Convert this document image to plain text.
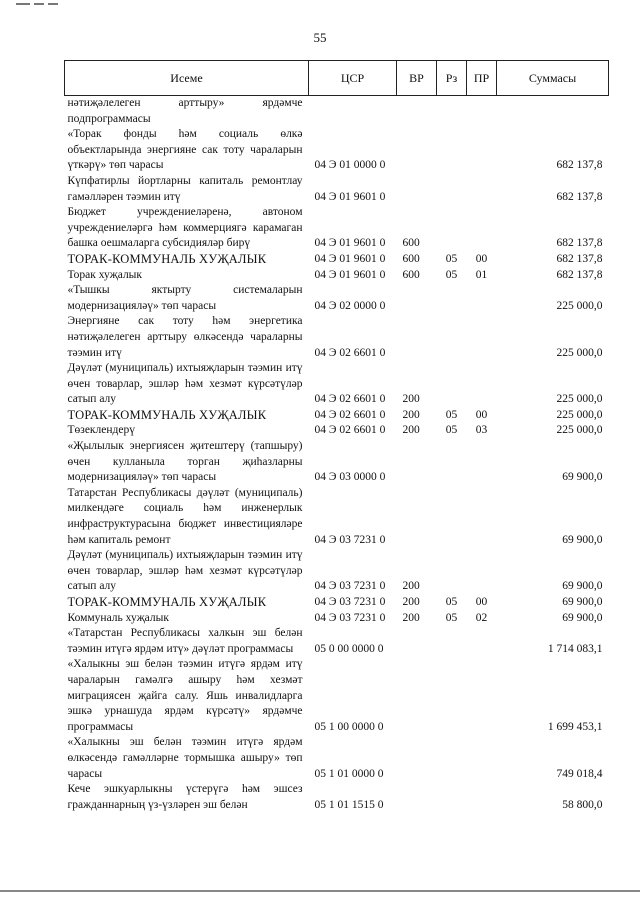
55
Исеме	ЦСР	ВР	Рз	ПР	Суммасы
нәтиҗәлелеген арттыру» ярдәмче подпрограммасы					
«Торак фонды һәм социаль өлкә объектларында энергияне сак тоту чараларын үткәрү» төп чарасы	04 Э 01 0000 0				682 137,8
Күпфатирлы йортларны капиталь ремонтлау гамәлләрен тәэмин итү	04 Э 01 9601 0				682 137,8
Бюджет учреждениеләренә, автоном учреждениеләргә һәм коммерциягә карамаган башка оешмаларга субсидияләр бирү	04 Э 01 9601 0	600			682 137,8
ТОРАК-КОММУНАЛЬ ХУҖАЛЫК	04 Э 01 9601 0	600	05	00	682 137,8
Торак хуҗалык	04 Э 01 9601 0	600	05	01	682 137,8
«Тышкы яктырту системаларын модернизацияләү» төп чарасы	04 Э 02 0000 0				225 000,0
Энергияне сак тоту һәм энергетика нәтиҗәлелеген арттыру өлкәсендә чараларны тәэмин итү	04 Э 02 6601 0				225 000,0
Дәүләт (муниципаль) ихтыяҗларын тәэмин итү өчен товарлар, эшләр һәм хезмәт күрсәтүләр сатып алу	04 Э 02 6601 0	200			225 000,0
ТОРАК-КОММУНАЛЬ ХУҖАЛЫК	04 Э 02 6601 0	200	05	00	225 000,0
Төзеклендерү	04 Э 02 6601 0	200	05	03	225 000,0
«Җылылык энергиясен җитештерү (тапшыру) өчен кулланыла торган җиһазларны модернизацияләү» төп чарасы	04 Э 03 0000 0				69 900,0
Татарстан Республикасы дәүләт (муниципаль) милкендәге социаль һәм инженерлык инфраструктурасына бюджет инвестицияләре һәм капиталь ремонт	04 Э 03 7231 0				69 900,0
Дәүләт (муниципаль) ихтыяҗларын тәэмин итү өчен товарлар, эшләр һәм хезмәт күрсәтүләр сатып алу	04 Э 03 7231 0	200			69 900,0
ТОРАК-КОММУНАЛЬ ХУҖАЛЫК	04 Э 03 7231 0	200	05	00	69 900,0
Коммуналь хуҗалык	04 Э 03 7231 0	200	05	02	69 900,0
«Татарстан Республикасы халкын эш белән тәэмин итүгә ярдәм итү» дәүләт программасы	05 0 00 0000 0				1 714 083,1
«Халыкны эш белән тәэмин итүгә ярдәм итү чараларын гамәлгә ашыру һәм хезмәт миграциясен җайга салу. Яшь инвалидларга эшкә урнашуда ярдәм күрсәтү» ярдәмче программасы	05 1 00 0000 0				1 699 453,1
«Халыкны эш белән тәэмин итүгә ярдәм өлкәсендә гамәлләрне тормышка ашыру» төп чарасы	05 1 01 0000 0				749 018,4
Кече эшкуарлыкны үстерүгә һәм эшсез гражданнарның үз-үзләрен эш белән	05 1 01 1515 0				58 800,0
